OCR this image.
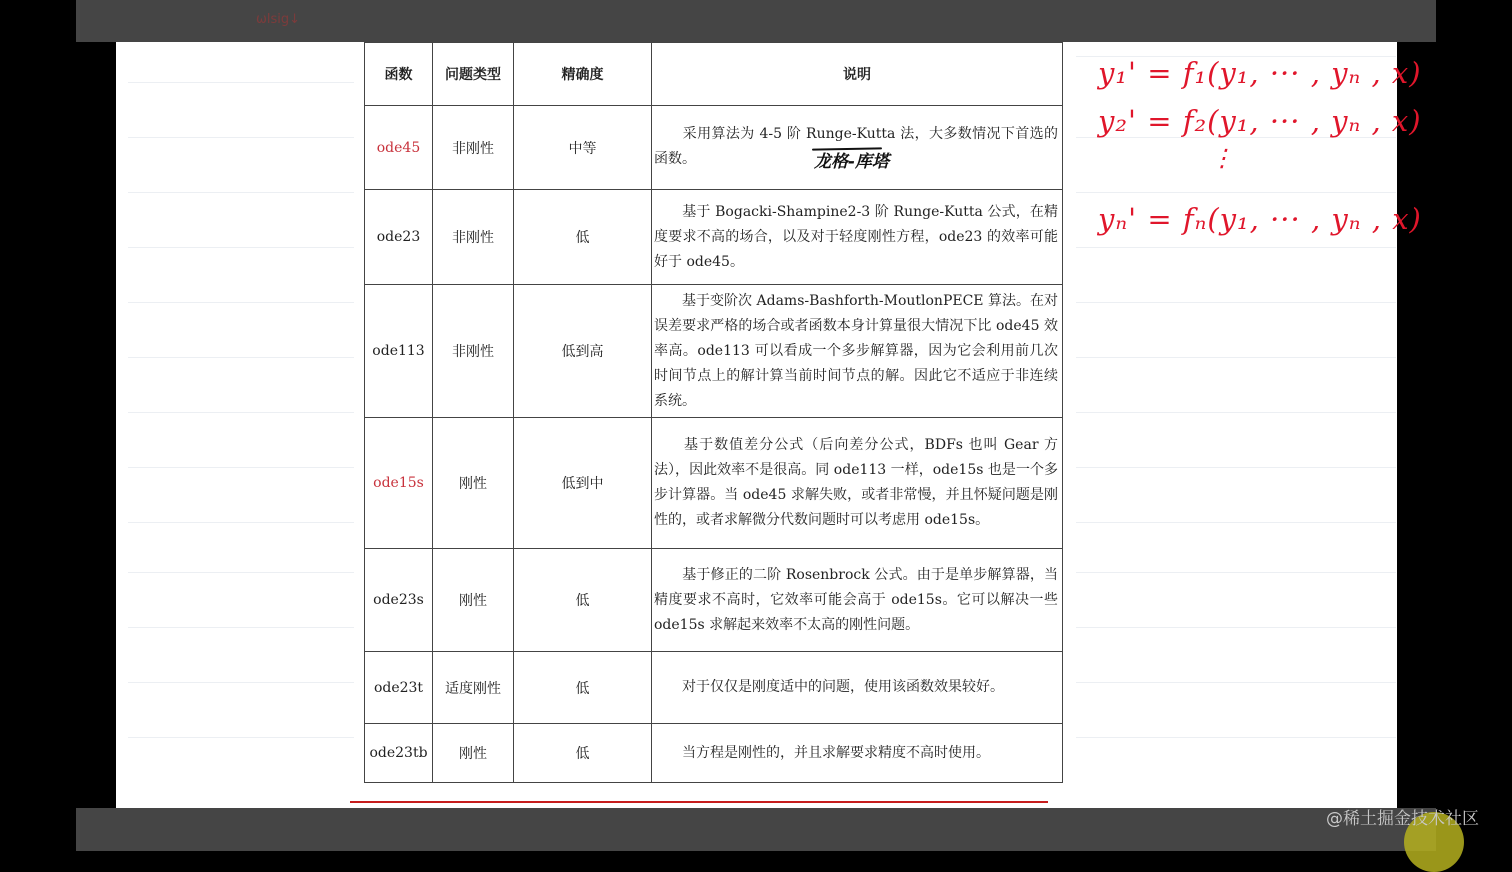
ωlsig↓
函数	问题类型	精确度	说明
ode45	非刚性	中等	　　采用算法为 4-5 阶 Runge-Kutta 法，大多数情况下首选的函数。 龙格-库塔

ode23	非刚性	低	　　基于 Bogacki-Shampine2-3 阶 Runge-Kutta 公式，在精度要求不高的场合，以及对于轻度刚性方程，ode23 的效率可能好于 ode45。
ode113	非刚性	低到高	　　基于变阶次 Adams-Bashforth-MoutlonPECE 算法。在对误差要求严格的场合或者函数本身计算量很大情况下比 ode45 效率高。ode113 可以看成一个多步解算器，因为它会利用前几次时间节点上的解计算当前时间节点的解。因此它不适应于非连续系统。
ode15s	刚性	低到中	　　基于数值差分公式（后向差分公式，BDFs 也叫 Gear 方法），因此效率不是很高。同 ode113 一样，ode15s 也是一个多步计算器。当 ode45 求解失败，或者非常慢，并且怀疑问题是刚性的，或者求解微分代数问题时可以考虑用 ode15s。
ode23s	刚性	低	　　基于修正的二阶 Rosenbrock 公式。由于是单步解算器，当精度要求不高时，它效率可能会高于 ode15s。它可以解决一些 ode15s 求解起来效率不太高的刚性问题。
ode23t	适度刚性	低	　　对于仅仅是刚度适中的问题，使用该函数效果较好。
ode23tb	刚性	低	　　当方程是刚性的，并且求解要求精度不高时使用。
y₁' = f₁(y₁, ··· , yₙ , x)
y₂' = f₂(y₁, ··· , yₙ , x)
⋮
yₙ' = fₙ(y₁, ··· , yₙ , x)
@稀土掘金技术社区
